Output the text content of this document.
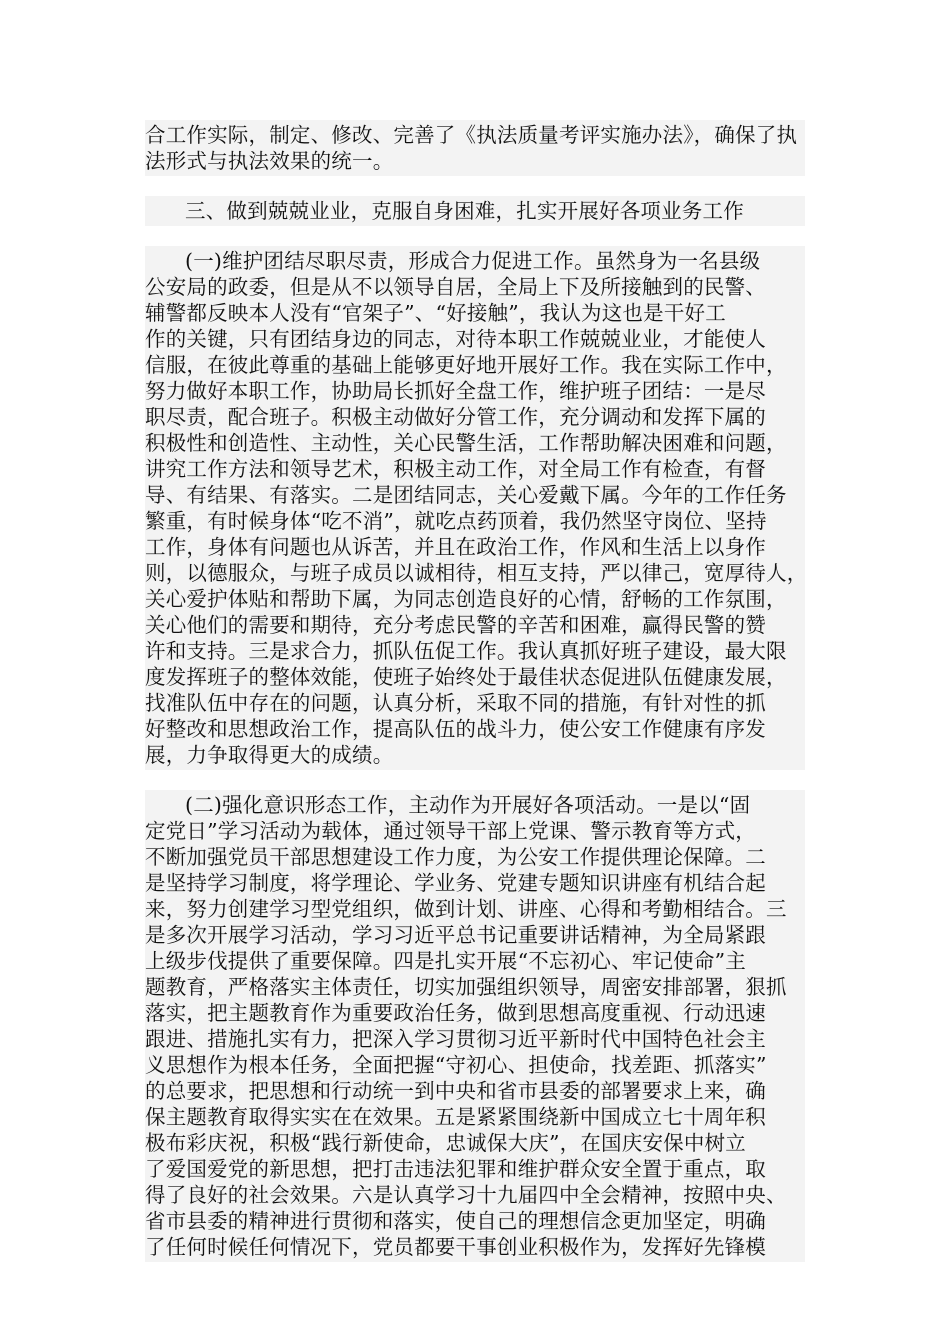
合工作实际，制定、修改、完善了《执法质量考评实施办法》，确保了执
法形式与执法效果的统一。
三、做到兢兢业业，克服自身困难，扎实开展好各项业务工作
(一)维护团结尽职尽责，形成合力促进工作。虽然身为一名县级
公安局的政委，但是从不以领导自居，全局上下及所接触到的民警、
辅警都反映本人没有“官架子”、“好接触”，我认为这也是干好工
作的关键，只有团结身边的同志，对待本职工作兢兢业业，才能使人
信服，在彼此尊重的基础上能够更好地开展好工作。我在实际工作中，
努力做好本职工作，协助局长抓好全盘工作，维护班子团结：一是尽
职尽责，配合班子。积极主动做好分管工作，充分调动和发挥下属的
积极性和创造性、主动性，关心民警生活，工作帮助解决困难和问题，
讲究工作方法和领导艺术，积极主动工作，对全局工作有检查，有督
导、有结果、有落实。二是团结同志，关心爱戴下属。今年的工作任务
繁重，有时候身体“吃不消”，就吃点药顶着，我仍然坚守岗位、坚持
工作，身体有问题也从诉苦，并且在政治工作，作风和生活上以身作
则，以德服众，与班子成员以诚相待，相互支持，严以律己，宽厚待人，
关心爱护体贴和帮助下属，为同志创造良好的心情，舒畅的工作氛围，
关心他们的需要和期待，充分考虑民警的辛苦和困难，赢得民警的赞
许和支持。三是求合力，抓队伍促工作。我认真抓好班子建设，最大限
度发挥班子的整体效能，使班子始终处于最佳状态促进队伍健康发展，
找准队伍中存在的问题，认真分析，采取不同的措施，有针对性的抓
好整改和思想政治工作，提高队伍的战斗力，使公安工作健康有序发
展，力争取得更大的成绩。
(二)强化意识形态工作，主动作为开展好各项活动。一是以“固
定党日”学习活动为载体，通过领导干部上党课、警示教育等方式，
不断加强党员干部思想建设工作力度，为公安工作提供理论保障。二
是坚持学习制度，将学理论、学业务、党建专题知识讲座有机结合起
来，努力创建学习型党组织，做到计划、讲座、心得和考勤相结合。三
是多次开展学习活动，学习习近平总书记重要讲话精神，为全局紧跟
上级步伐提供了重要保障。四是扎实开展“不忘初心、牢记使命”主
题教育，严格落实主体责任，切实加强组织领导，周密安排部署，狠抓
落实，把主题教育作为重要政治任务，做到思想高度重视、行动迅速
跟进、措施扎实有力，把深入学习贯彻习近平新时代中国特色社会主
义思想作为根本任务，全面把握“守初心、担使命，找差距、抓落实”
的总要求，把思想和行动统一到中央和省市县委的部署要求上来，确
保主题教育取得实实在在效果。五是紧紧围绕新中国成立七十周年积
极布彩庆祝，积极“践行新使命，忠诚保大庆”，在国庆安保中树立
了爱国爱党的新思想，把打击违法犯罪和维护群众安全置于重点，取
得了良好的社会效果。六是认真学习十九届四中全会精神，按照中央、
省市县委的精神进行贯彻和落实，使自己的理想信念更加坚定，明确
了任何时候任何情况下，党员都要干事创业积极作为，发挥好先锋模
